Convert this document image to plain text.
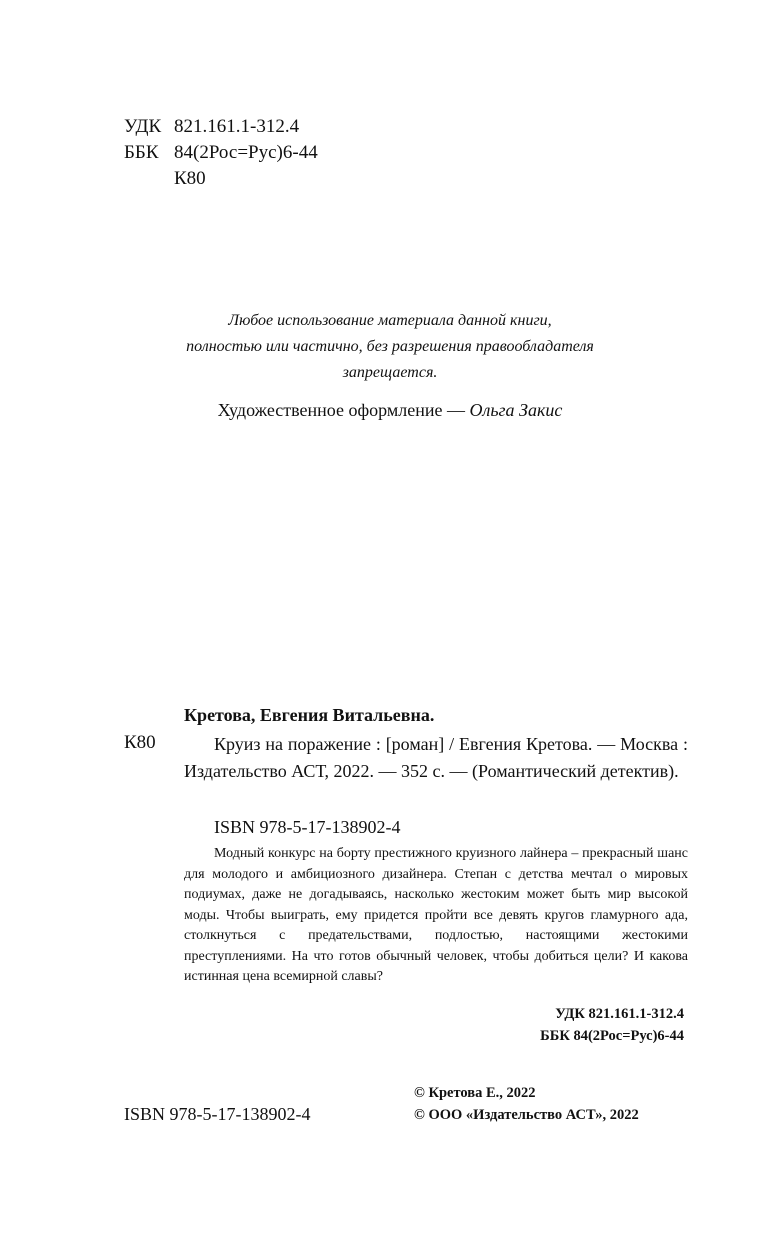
УДК 821.161.1-312.4
ББК 84(2Рос=Рус)6-44
К80
Любое использование материала данной книги,
полностью или частично, без разрешения правообладателя
запрещается.
Художественное оформление — Ольга Закис
Кретова, Евгения Витальевна.
К80	Круиз на поражение : [роман] / Евгения Кретова. — Москва : Издательство АСТ, 2022. — 352 с. — (Романтический детектив).
ISBN 978-5-17-138902-4
Модный конкурс на борту престижного круизного лайнера – прекрасный шанс для молодого и амбициозного дизайнера. Степан с детства мечтал о мировых подиумах, даже не догадываясь, насколько жестоким может быть мир высокой моды. Чтобы выиграть, ему придется пройти все девять кругов гламурного ада, столкнуться с предательствами, подлостью, настоящими жестокими преступлениями. На что готов обычный человек, чтобы добиться цели? И какова истинная цена всемирной славы?
УДК 821.161.1-312.4
ББК 84(2Рос=Рус)6-44
ISBN 978-5-17-138902-4
© Кретова Е., 2022
© ООО «Издательство АСТ», 2022
